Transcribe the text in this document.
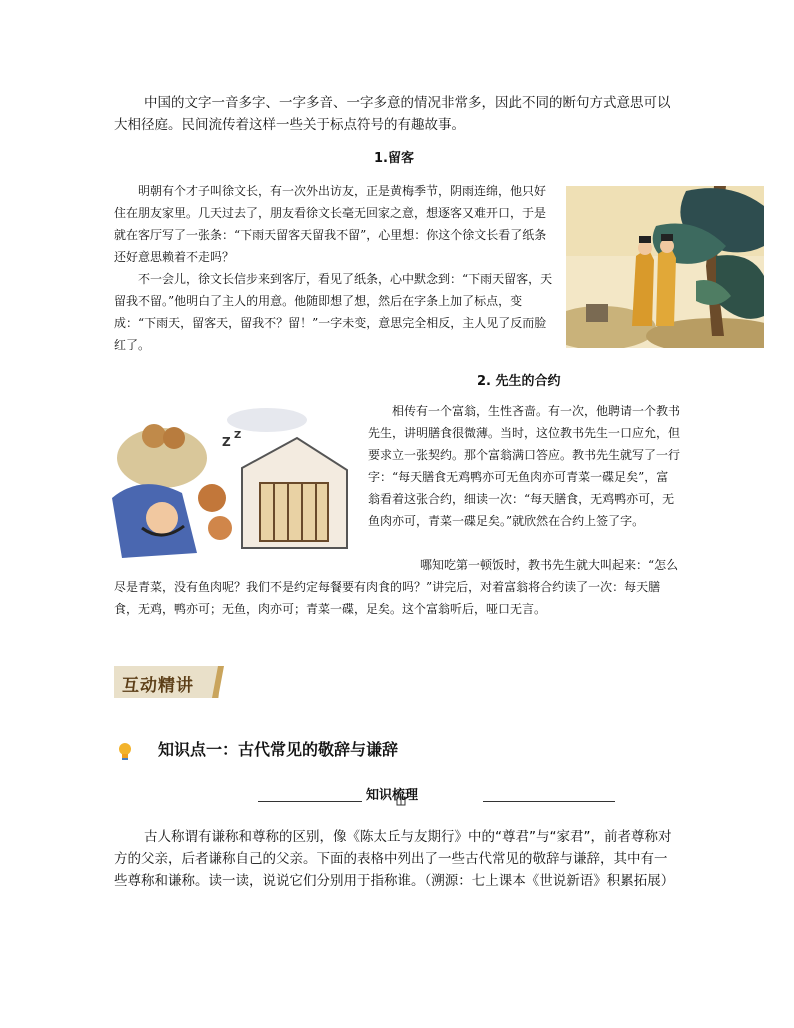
中国的文字一音多字、一字多音、一字多意的情况非常多，因此不同的断句方式意思可以大相径庭。民间流传着这样一些关于标点符号的有趣故事。

1.留客

明朝有个才子叫徐文长，有一次外出访友，正是黄梅季节，阴雨连绵，他只好住在朋友家里。几天过去了，朋友看徐文长毫无回家之意，想逐客又难开口，于是就在客厅写了一张条：“下雨天留客天留我不留”，心里想：你这个徐文长看了纸条还好意思赖着不走吗？

不一会儿，徐文长信步来到客厅，看见了纸条，心中默念到：“下雨天留客，天留我不留。”他明白了主人的用意。他随即想了想，然后在字条上加了标点，变成：“下雨天，留客天，留我不？留！”一字未变，意思完全相反，主人见了反而脸红了。

Z Z
2. 先生的合约

相传有一个富翁，生性吝啬。有一次，他聘请一个教书先生，讲明膳食很微薄。当时，这位教书先生一口应允，但要求立一张契约。那个富翁满口答应。教书先生就写了一行字：“每天膳食无鸡鸭亦可无鱼肉亦可青菜一碟足矣”，富翁看着这张合约，细读一次：“每天膳食，无鸡鸭亦可，无鱼肉亦可，青菜一碟足矣。”就欣然在合约上签了字。

哪知吃第一顿饭时，教书先生就大叫起来：“怎么尽是青菜，没有鱼肉呢？我们不是约定每餐要有肉食的吗？”讲完后，对着富翁将合约读了一次：每天膳食，无鸡，鸭亦可；无鱼，肉亦可；青菜一碟，足矣。这个富翁听后，哑口无言。

互动精讲
知识点一：古代常见的敬辞与谦辞
知识梳理

古人称谓有谦称和尊称的区别，像《陈太丘与友期行》中的“尊君”与“家君”，前者尊称对方的父亲，后者谦称自己的父亲。下面的表格中列出了一些古代常见的敬辞与谦辞，其中有一些尊称和谦称。读一读，说说它们分别用于指称谁。（溯源：七上课本《世说新语》积累拓展）
